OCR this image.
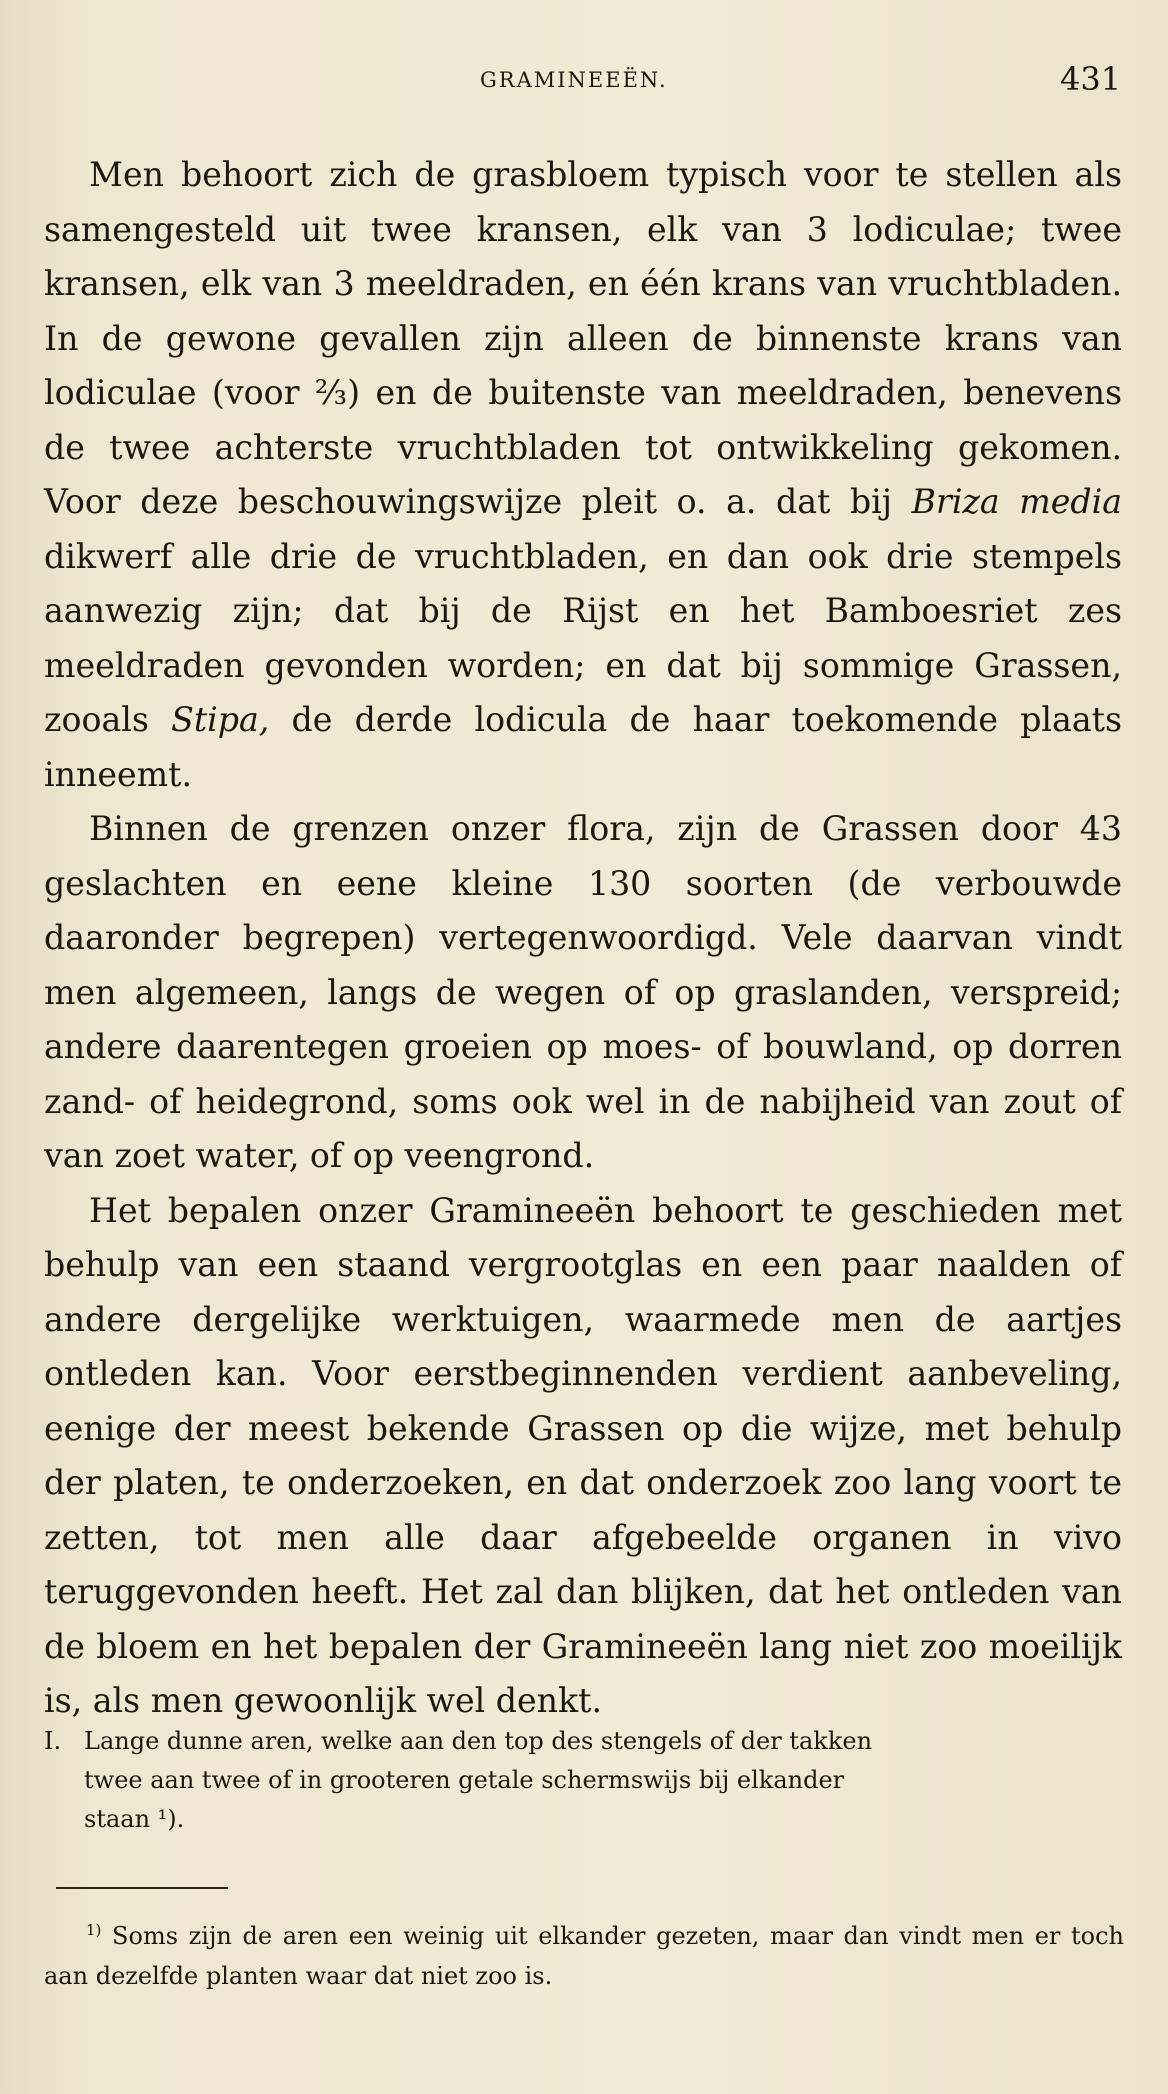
GRAMINEEËN.	431

Men behoort zich de grasbloem typisch voor te stellen als samengesteld uit twee kransen, elk van 3 lodiculae; twee kransen, elk van 3 meeldraden, en één krans van vruchtbladen. In de gewone gevallen zijn alleen de binnenste krans van lodiculae (voor ⅔) en de buitenste van meeldraden, benevens de twee achterste vruchtbladen tot ontwikkeling gekomen. Voor deze beschouwingswijze pleit o. a. dat bij Briza media dikwerf alle drie de vruchtbladen, en dan ook drie stempels aanwezig zijn; dat bij de Rijst en het Bamboesriet zes meeldraden gevonden worden; en dat bij sommige Grassen, zooals Stipa, de derde lodicula de haar toekomende plaats inneemt.

Binnen de grenzen onzer flora, zijn de Grassen door 43 geslachten en eene kleine 130 soorten (de verbouwde daaronder begrepen) vertegenwoordigd. Vele daarvan vindt men algemeen, langs de wegen of op graslanden, verspreid; andere daarentegen groeien op moes- of bouwland, op dorren zand- of heidegrond, soms ook wel in de nabijheid van zout of van zoet water, of op veengrond.

Het bepalen onzer Gramineeën behoort te geschieden met behulp van een staand vergrootglas en een paar naalden of andere dergelijke werktuigen, waarmede men de aartjes ontleden kan. Voor eerstbeginnenden verdient aanbeveling, eenige der meest bekende Grassen op die wijze, met behulp der platen, te onderzoeken, en dat onderzoek zoo lang voort te zetten, tot men alle daar afgebeelde organen in vivo teruggevonden heeft. Het zal dan blijken, dat het ontleden van de bloem en het bepalen der Gramineeën lang niet zoo moeilijk is, als men gewoonlijk wel denkt.

I. Lange dunne aren, welke aan den top des stengels of der takken
twee aan twee of in grooteren getale schermswijs bij elkander
staan ¹).
$^{1)}$ Soms zijn de aren een weinig uit elkander gezeten, maar dan vindt men er toch aan dezelfde planten waar dat niet zoo is.
